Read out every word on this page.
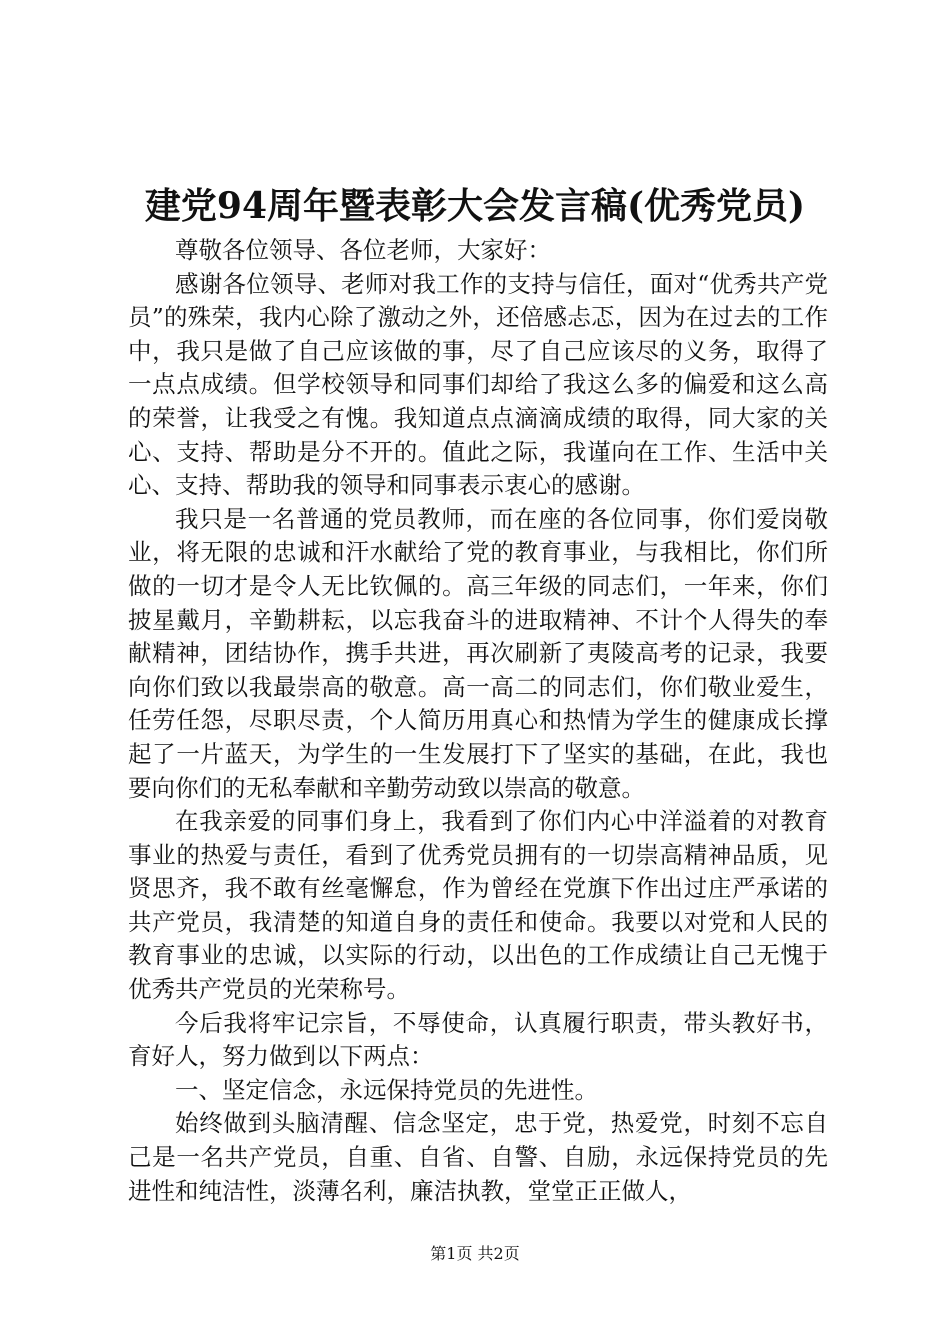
建党94周年暨表彰大会发言稿(优秀党员)

尊敬各位领导、各位老师，大家好：

感谢各位领导、老师对我工作的支持与信任，面对“优秀共产党员”的殊荣，我内心除了激动之外，还倍感忐忑，因为在过去的工作中，我只是做了自己应该做的事，尽了自己应该尽的义务，取得了一点点成绩。但学校领导和同事们却给了我这么多的偏爱和这么高的荣誉，让我受之有愧。我知道点点滴滴成绩的取得，同大家的关心、支持、帮助是分不开的。值此之际，我谨向在工作、生活中关心、支持、帮助我的领导和同事表示衷心的感谢。

我只是一名普通的党员教师，而在座的各位同事，你们爱岗敬业，将无限的忠诚和汗水献给了党的教育事业，与我相比，你们所做的一切才是令人无比钦佩的。高三年级的同志们，一年来，你们披星戴月，辛勤耕耘，以忘我奋斗的进取精神、不计个人得失的奉献精神，团结协作，携手共进，再次刷新了夷陵高考的记录，我要向你们致以我最崇高的敬意。高一高二的同志们，你们敬业爱生，任劳任怨，尽职尽责，个人简历用真心和热情为学生的健康成长撑起了一片蓝天，为学生的一生发展打下了坚实的基础，在此，我也要向你们的无私奉献和辛勤劳动致以崇高的敬意。

在我亲爱的同事们身上，我看到了你们内心中洋溢着的对教育事业的热爱与责任，看到了优秀党员拥有的一切崇高精神品质，见贤思齐，我不敢有丝毫懈怠，作为曾经在党旗下作出过庄严承诺的共产党员，我清楚的知道自身的责任和使命。我要以对党和人民的教育事业的忠诚，以实际的行动，以出色的工作成绩让自己无愧于优秀共产党员的光荣称号。

今后我将牢记宗旨，不辱使命，认真履行职责，带头教好书，育好人，努力做到以下两点：

一、坚定信念，永远保持党员的先进性。

始终做到头脑清醒、信念坚定，忠于党，热爱党，时刻不忘自己是一名共产党员，自重、自省、自警、自励，永远保持党员的先进性和纯洁性，淡薄名利，廉洁执教，堂堂正正做人，

第1页 共2页
